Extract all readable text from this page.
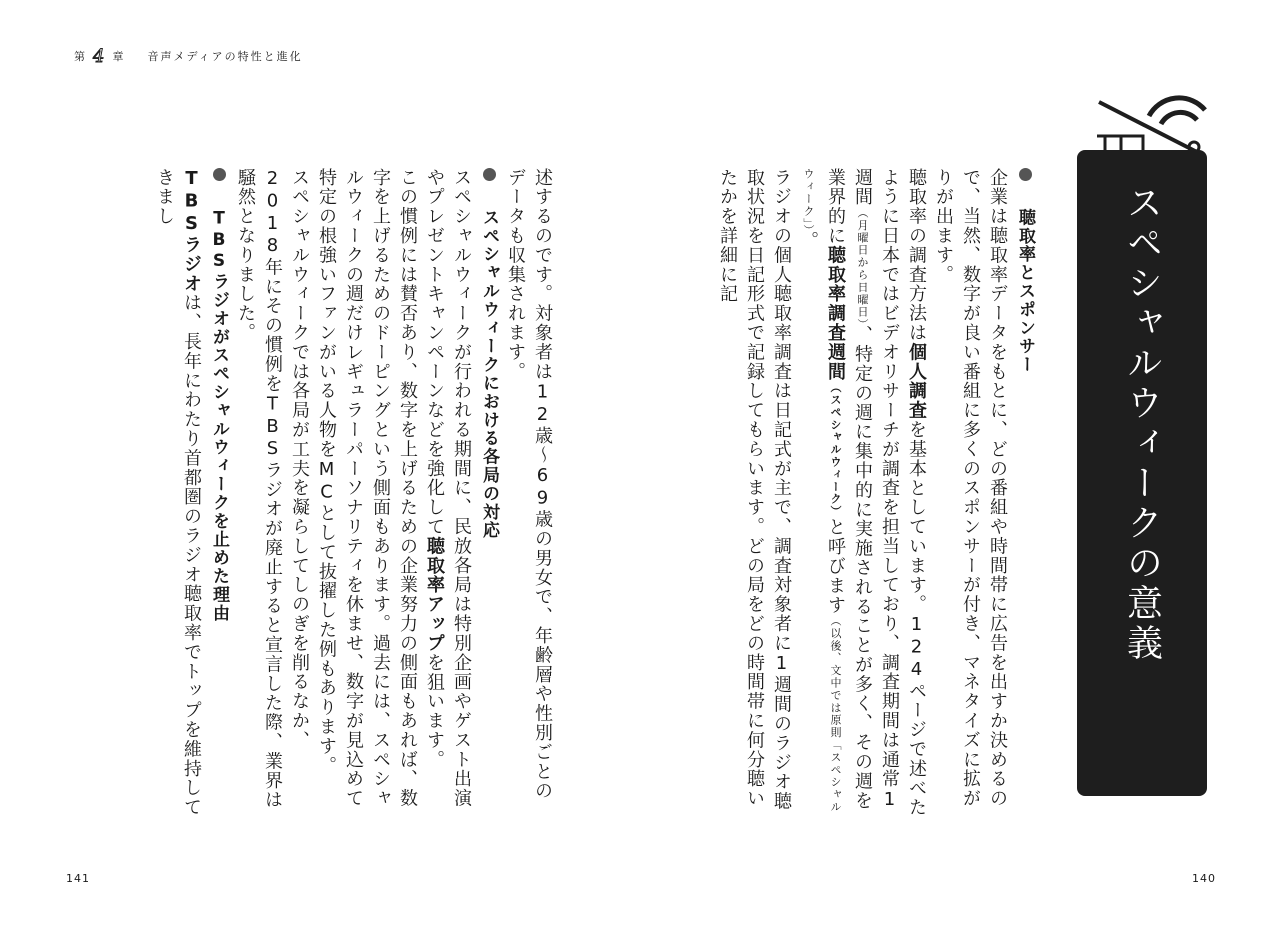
第 4 章 音声メディアの特性と進化
スペシャルウィークの意義
聴取率とスポンサー
企業は聴取率データをもとに、どの番組や時間帯に広告を出すか決めるので、当然、数字が良い番組に多くのスポンサーが付き、マネタイズに拡がりが出ます。
聴取率の調査方法は個人調査を基本としています。124ページで述べたように日本ではビデオリサーチが調査を担当しており、調査期間は通常1週間（月曜日から日曜日）、特定の週に集中的に実施されることが多く、その週を業界的に聴取率調査週間（スペシャルウィーク）と呼びます（以後、文中では原則「スペシャルウィーク」）。
ラジオの個人聴取率調査は日記式が主で、調査対象者に1週間のラジオ聴取状況を日記形式で記録してもらいます。どの局をどの時間帯に何分聴いたかを詳細に記
述するのです。対象者は12歳〜69歳の男女で、年齢層や性別ごとのデータも収集されます。
スペシャルウィークにおける各局の対応
スペシャルウィークが行われる期間に、民放各局は特別企画やゲスト出演やプレゼントキャンペーンなどを強化して聴取率アップを狙います。
この慣例には賛否あり、数字を上げるための企業努力の側面もあれば、数字を上げるためのドーピングという側面もあります。過去には、スペシャルウィークの週だけレギュラーパーソナリティを休ませ、数字が見込めて特定の根強いファンがいる人物をMCとして抜擢した例もあります。
スペシャルウィークでは各局が工夫を凝らしてしのぎを削るなか、2018年にその慣例をTBSラジオが廃止すると宣言した際、業界は騒然となりました。
TBSラジオがスペシャルウィークを止めた理由
TBSラジオは、長年にわたり首都圏のラジオ聴取率でトップを維持してきまし
141	140
